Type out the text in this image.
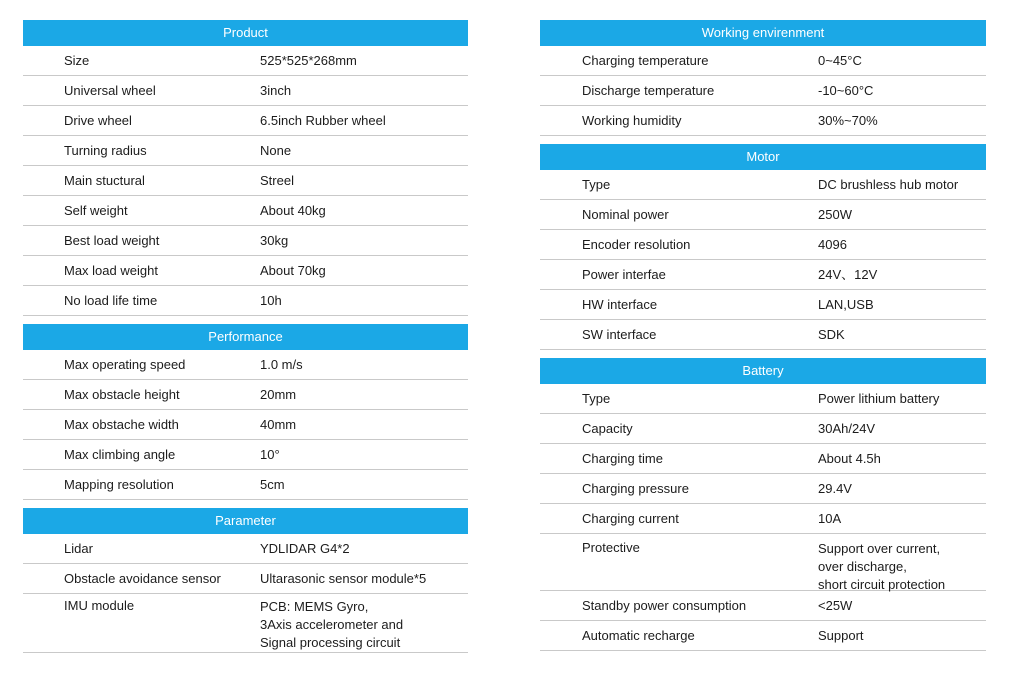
Product
Size	525*525*268mm
Universal wheel	3inch
Drive wheel	6.5inch Rubber wheel
Turning radius	None
Main stuctural	Streel
Self weight	About 40kg
Best load weight	30kg
Max load weight	About 70kg
No load life time	10h
Performance
Max operating speed	1.0 m/s
Max obstacle height	20mm
Max obstache width	40mm
Max climbing angle	10°
Mapping resolution	5cm
Parameter
Lidar	YDLIDAR G4*2
Obstacle avoidance sensor	Ultarasonic sensor module*5
IMU module	PCB: MEMS Gyro,
3Axis accelerometer and
Signal processing circuit
Working envirenment
Charging temperature	0~45°C
Discharge temperature	-10~60°C
Working humidity	30%~70%
Motor
Type	DC brushless hub motor
Nominal power	250W
Encoder resolution	4096
Power interfae	24V、12V
HW interface	LAN,USB
SW interface	SDK
Battery
Type	Power lithium battery
Capacity	30Ah/24V
Charging time	About 4.5h
Charging pressure	29.4V
Charging current	10A
Protective	Support over current,
over discharge,
short circuit protection
Standby power consumption	<25W
Automatic recharge	Support
